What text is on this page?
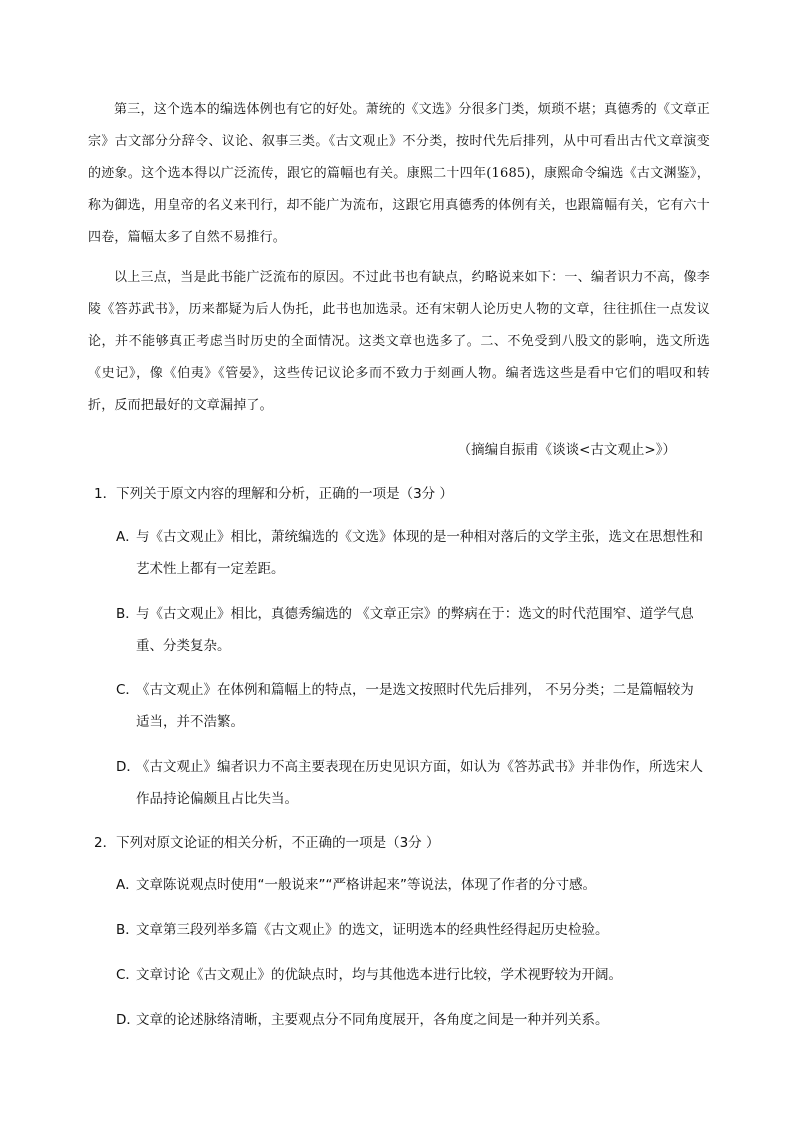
第三，这个选本的编选体例也有它的好处。萧统的《文选》分很多门类，烦琐不堪；真德秀的《文章正宗》古文部分分辞令、议论、叙事三类。《古文观止》不分类，按时代先后排列，从中可看出古代文章演变的迹象。这个选本得以广泛流传，跟它的篇幅也有关。康熙二十四年(1685)，康熙命令编选《古文渊鉴》，称为御选，用皇帝的名义来刊行，却不能广为流布，这跟它用真德秀的体例有关，也跟篇幅有关，它有六十四卷，篇幅太多了自然不易推行。
以上三点，当是此书能广泛流布的原因。不过此书也有缺点，约略说来如下：一、编者识力不高，像李陵《答苏武书》，历来都疑为后人伪托，此书也加选录。还有宋朝人论历史人物的文章，往往抓住一点发议论，并不能够真正考虑当时历史的全面情况。这类文章也选多了。二、不免受到八股文的影响，选文所选《史记》，像《伯夷》《管晏》，这些传记议论多而不致力于刻画人物。编者选这些是看中它们的唱叹和转折，反而把最好的文章漏掉了。
（摘编自振甫《谈谈<古文观止>》）
1．下列关于原文内容的理解和分析，正确的一项是（3分 ）
A．
与《古文观止》相比，萧统编选的《文选》体现的是一种相对落后的文学主张，选文在思想性和艺术性上都有一定差距。
B．
与《古文观止》相比，真德秀编选的 《文章正宗》的弊病在于：选文的时代范围窄、道学气息重、分类复杂。
C．
《古文观止》在体例和篇幅上的特点，一是选文按照时代先后排列， 不另分类；二是篇幅较为适当，并不浩繁。
D．
《古文观止》编者识力不高主要表现在历史见识方面，如认为《答苏武书》并非伪作，所选宋人作品持论偏颇且占比失当。
2．下列对原文论证的相关分析，不正确的一项是（3分 ）
A．
文章陈说观点时使用“一般说来”“严格讲起来”等说法，体现了作者的分寸感。
B．
文章第三段列举多篇《古文观止》的选文，证明选本的经典性经得起历史检验。
C．
文章讨论《古文观止》的优缺点时，均与其他选本进行比较，学术视野较为开阔。
D．
文章的论述脉络清晰，主要观点分不同角度展开，各角度之间是一种并列关系。
